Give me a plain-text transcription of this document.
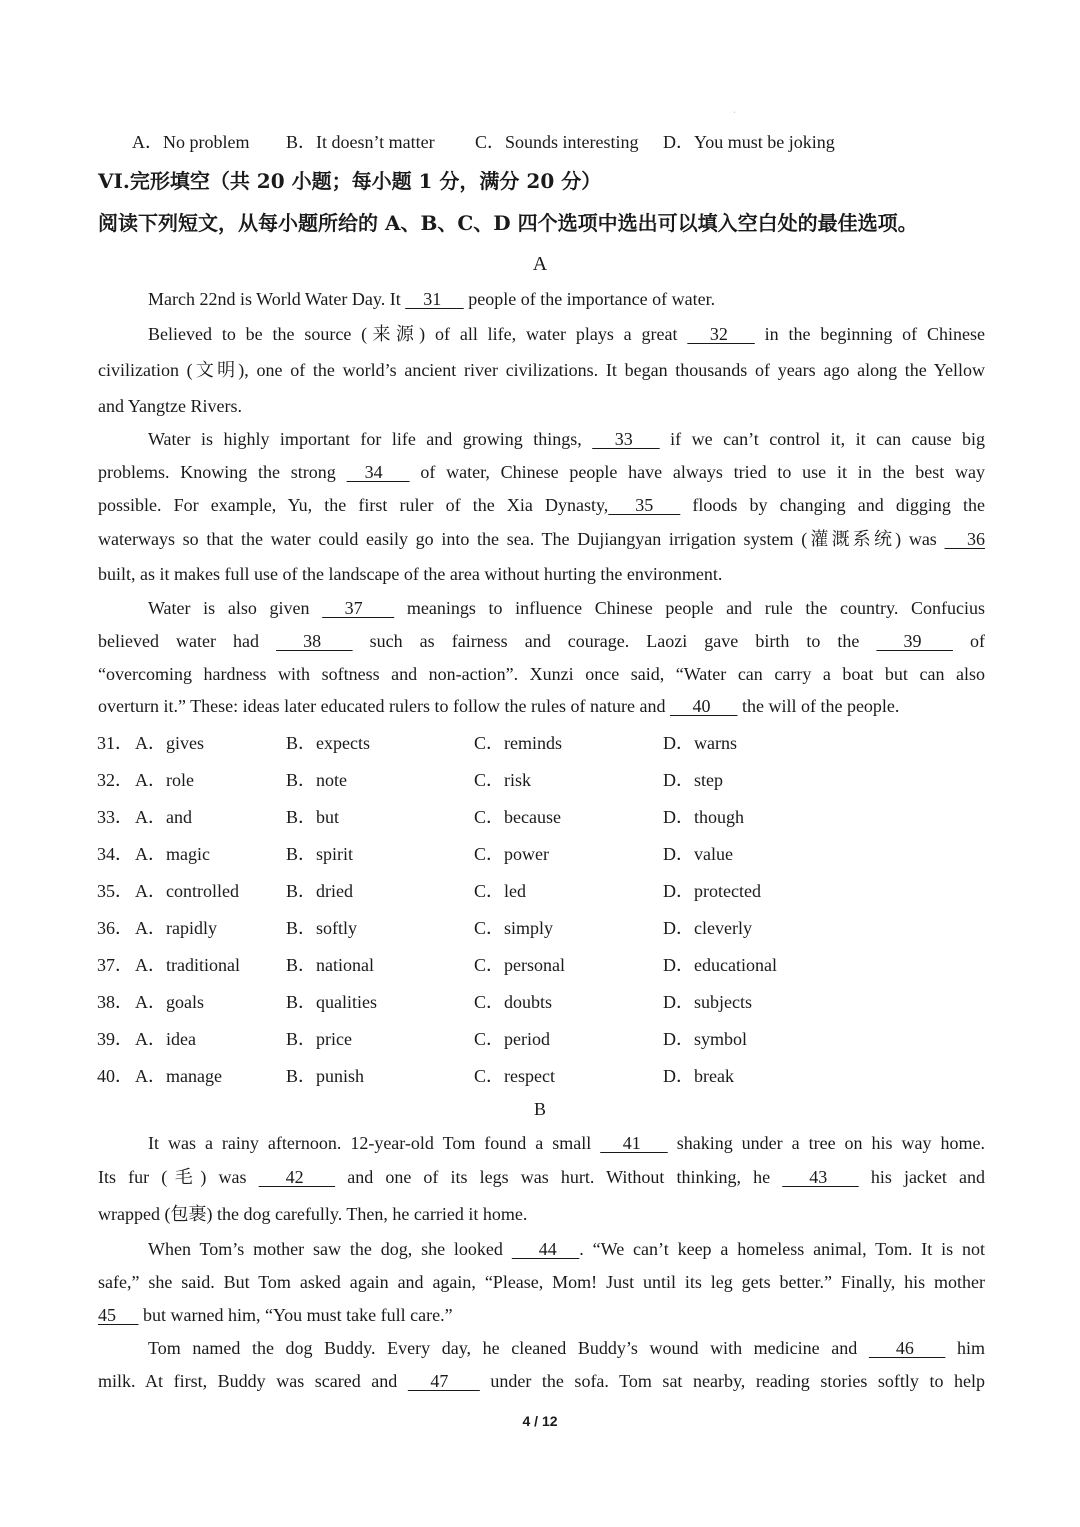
ˎ
A．No problem B．It doesn’t matter C．Sounds interesting D．You must be joking
VI.完形填空（共 20 小题；每小题 1 分，满分 20 分）
阅读下列短文，从每小题所给的 A、B、C、D 四个选项中选出可以填入空白处的最佳选项。
A
March 22nd is World Water Day. It     31      people of the importance of water.
Believed to be the source (来源) of all life, water plays a great      32       in the beginning of Chinese
civilization (文明), one of the world’s ancient river civilizations. It began thousands of years ago along the Yellow
and Yangtze Rivers.
Water is highly important for life and growing things,      33       if we can’t control it, it can cause big
problems. Knowing the strong     34       of water, Chinese people have always tried to use it in the best way
possible. For example, Yu, the first ruler of the Xia Dynasty,      35       floods by changing and digging the
waterways so that the water could easily go into the sea. The Dujiangyan irrigation system (灌溉系统) was      36
built, as it makes full use of the landscape of the area without hurting the environment.
Water is also given      37        meanings to influence Chinese people and rule the country. Confucius
believed water had       38        such as fairness and courage. Laozi gave birth to the       39        of
“overcoming hardness with softness and non-action”. Xunzi once said, “Water can carry a boat but can also
overturn it.” These: ideas later educated rulers to follow the rules of nature and      40       the will of the people.
31． A．gives	B．expects	C．reminds	D．warns
32． A．role	B．note	C．risk	D．step
33． A．and	B．but	C．because	D．though
34． A．magic	B．spirit	C．power	D．value
35． A．controlled	B．dried	C．led	D．protected
36． A．rapidly	B．softly	C．simply	D．cleverly
37． A．traditional	B．national	C．personal	D．educational
38． A．goals	B．qualities	C．doubts	D．subjects
39． A．idea	B．price	C．period	D．symbol
40． A．manage	B．punish	C．respect	D．break
B
It was a rainy afternoon. 12-year-old Tom found a small      41       shaking under a tree on his way home.
Its fur (毛) was       42        and one of its legs was hurt. Without thinking, he       43        his jacket and
wrapped (包裹) the dog carefully. Then, he carried it home.
When Tom’s mother saw the dog, she looked       44     . “We can’t keep a homeless animal, Tom. It is not
safe,” she said. But Tom asked again and again, “Please, Mom! Just until its leg gets better.” Finally, his mother
45      but warned him, “You must take full care.”
Tom named the dog Buddy. Every day, he cleaned Buddy’s wound with medicine and       46        him
milk. At first, Buddy was scared and      47        under the sofa. Tom sat nearby, reading stories softly to help
4 / 12
